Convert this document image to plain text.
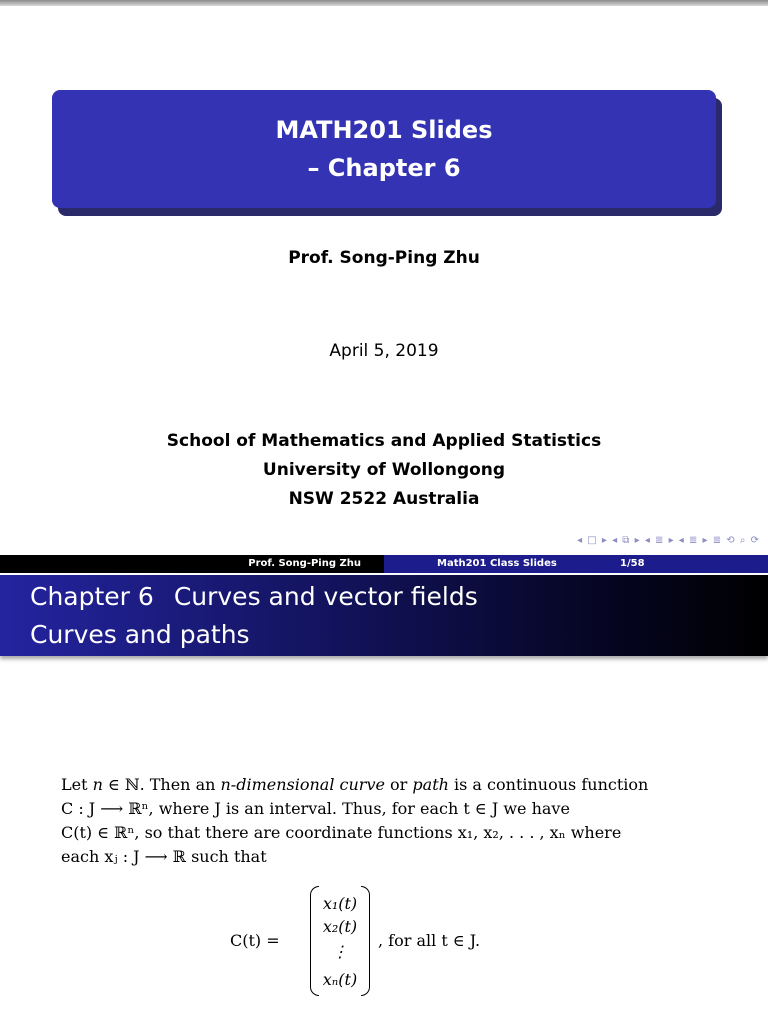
MATH201 Slides
– Chapter 6
Prof. Song-Ping Zhu
April 5, 2019
School of Mathematics and Applied Statistics
University of Wollongong
NSW 2522 Australia
◂ □ ▸ ◂ ⧉ ▸ ◂ ≣ ▸ ◂ ≣ ▸ ≣ ⟲ ⌕ ⟳
Prof. Song-Ping Zhu	Math201 Class Slides	1/58
Chapter 6 Curves and vector fields
Curves and paths
Let n ∈ ℕ. Then an n-dimensional curve or path is a continuous function
C : J ⟶ ℝⁿ, where J is an interval. Thus, for each t ∈ J we have
C(t) ∈ ℝⁿ, so that there are coordinate functions x₁, x₂, . . . , xₙ where
each xⱼ : J ⟶ ℝ such that
C(t) =
x₁(t)
x₂(t)
⋮
xₙ(t)
, for all t ∈ J.
